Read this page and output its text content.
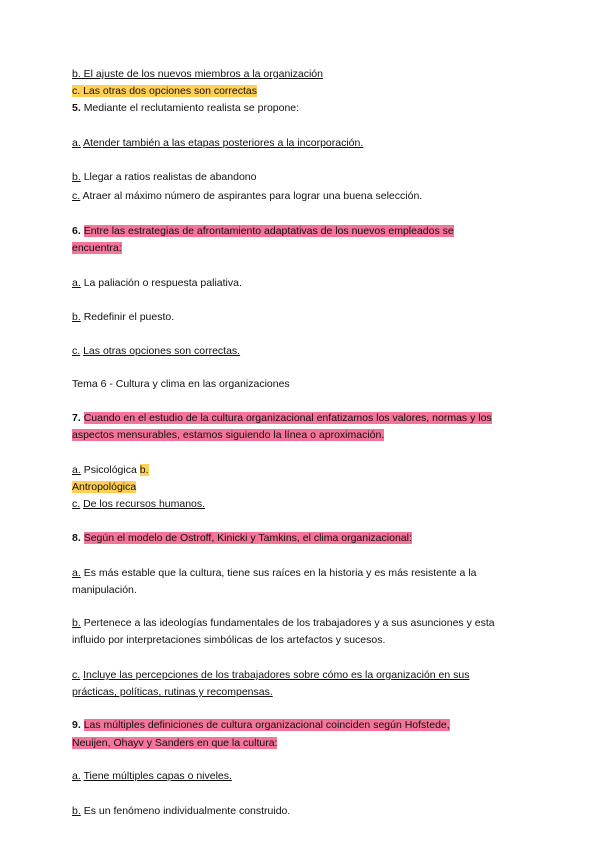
b. El ajuste de los nuevos miembros a la organización
c. Las otras dos opciones son correctas
5. Mediante el reclutamiento realista se propone:
a. Atender también a las etapas posteriores a la incorporación.
b. Llegar a ratios realistas de abandono
c. Atraer al máximo número de aspirantes para lograr una buena selección.
6. Entre las estrategias de afrontamiento adaptativas de los nuevos empleados se
encuentra:
a. La paliación o respuesta paliativa.
b. Redefinir el puesto.
c. Las otras opciones son correctas.
Tema 6 - Cultura y clima en las organizaciones
7. Cuando en el estudio de la cultura organizacional enfatizamos los valores, normas y los
aspectos mensurables, estamos siguiendo la línea o aproximación.
a. Psicológica b.
Antropológica
c. De los recursos humanos.
8. Según el modelo de Ostroff, Kinicki y Tamkins, el clima organizacional:
a. Es más estable que la cultura, tiene sus raíces en la historia y es más resistente a la
manipulación.
b. Pertenece a las ideologías fundamentales de los trabajadores y a sus asunciones y esta
influido por interpretaciones simbólicas de los artefactos y sucesos.
c. Incluye las percepciones de los trabajadores sobre cómo es la organización en sus
prácticas, políticas, rutinas y recompensas.
9. Las múltiples definiciones de cultura organizacional coinciden según Hofstede,
Neuijen, Ohayv y Sanders en que la cultura:
a. Tiene múltiples capas o niveles.
b. Es un fenómeno individualmente construido.
